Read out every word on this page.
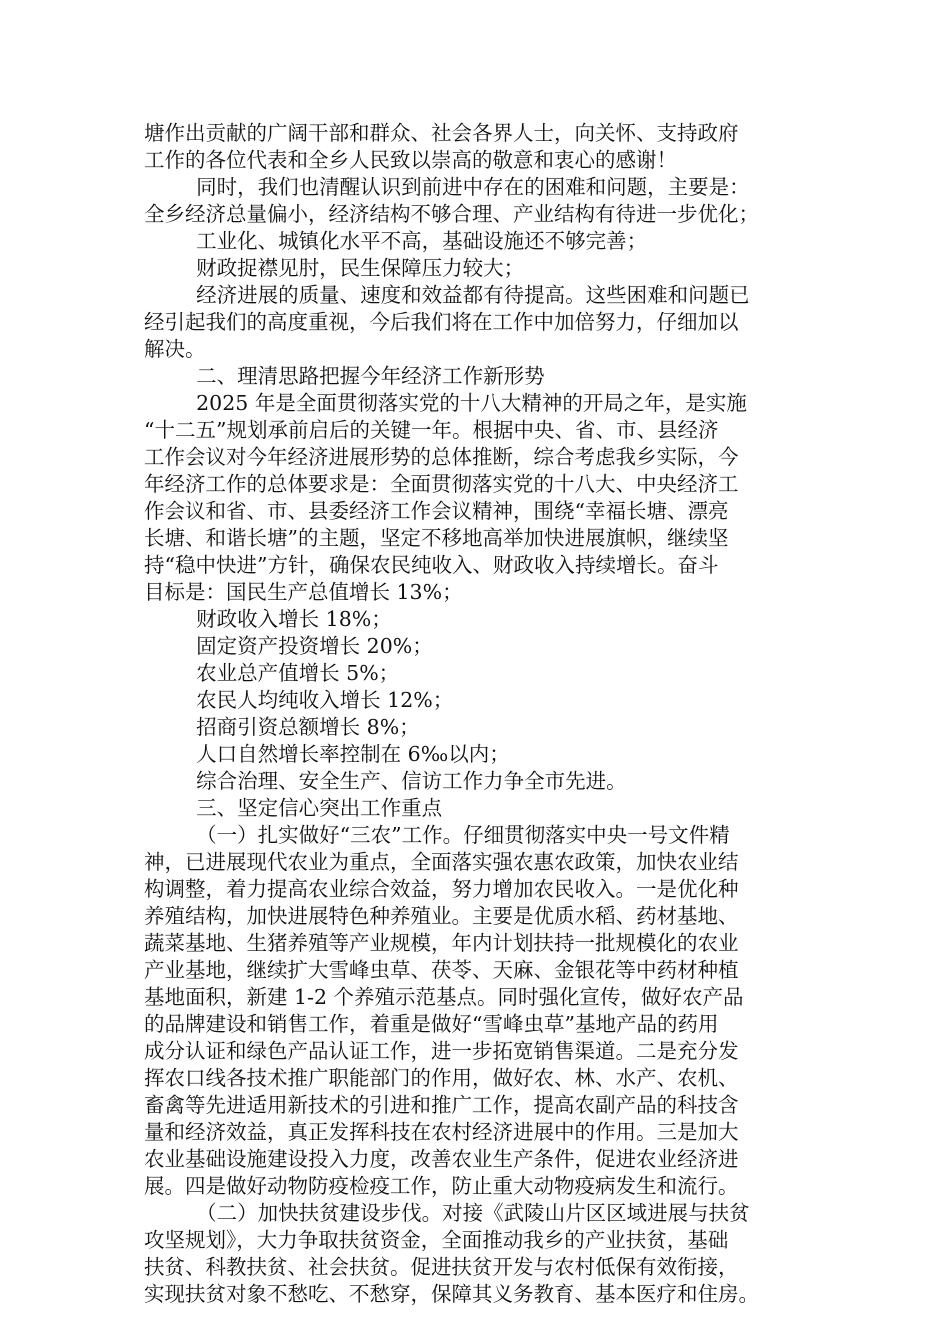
塘作出贡献的广阔干部和群众、社会各界人士，向关怀、支持政府
工作的各位代表和全乡人民致以崇高的敬意和衷心的感谢！
同时，我们也清醒认识到前进中存在的困难和问题，主要是：
全乡经济总量偏小，经济结构不够合理、产业结构有待进一步优化；
工业化、城镇化水平不高，基础设施还不够完善；
财政捉襟见肘，民生保障压力较大；
经济进展的质量、速度和效益都有待提高。这些困难和问题已
经引起我们的高度重视，今后我们将在工作中加倍努力，仔细加以
解决。
二、理清思路把握今年经济工作新形势
2025 年是全面贯彻落实党的十八大精神的开局之年，是实施
“十二五”规划承前启后的关键一年。根据中央、省、市、县经济
工作会议对今年经济进展形势的总体推断，综合考虑我乡实际，今
年经济工作的总体要求是：全面贯彻落实党的十八大、中央经济工
作会议和省、市、县委经济工作会议精神，围绕“幸福长塘、漂亮
长塘、和谐长塘”的主题，坚定不移地高举加快进展旗帜，继续坚
持“稳中快进”方针，确保农民纯收入、财政收入持续增长。奋斗
目标是：国民生产总值增长 13%；
财政收入增长 18%；
固定资产投资增长 20%；
农业总产值增长 5%；
农民人均纯收入增长 12%；
招商引资总额增长 8%；
人口自然增长率控制在 6‰以内；
综合治理、安全生产、信访工作力争全市先进。
三、坚定信心突出工作重点
（一）扎实做好“三农”工作。仔细贯彻落实中央一号文件精
神，已进展现代农业为重点，全面落实强农惠农政策，加快农业结
构调整，着力提高农业综合效益，努力增加农民收入。一是优化种
养殖结构，加快进展特色种养殖业。主要是优质水稻、药材基地、
蔬菜基地、生猪养殖等产业规模，年内计划扶持一批规模化的农业
产业基地，继续扩大雪峰虫草、茯苓、天麻、金银花等中药材种植
基地面积，新建 1-2 个养殖示范基点。同时强化宣传，做好农产品
的品牌建设和销售工作，着重是做好“雪峰虫草”基地产品的药用
成分认证和绿色产品认证工作，进一步拓宽销售渠道。二是充分发
挥农口线各技术推广职能部门的作用，做好农、林、水产、农机、
畜禽等先进适用新技术的引进和推广工作，提高农副产品的科技含
量和经济效益，真正发挥科技在农村经济进展中的作用。三是加大
农业基础设施建设投入力度，改善农业生产条件，促进农业经济进
展。四是做好动物防疫检疫工作，防止重大动物疫病发生和流行。
（二）加快扶贫建设步伐。对接《武陵山片区区域进展与扶贫
攻坚规划》，大力争取扶贫资金，全面推动我乡的产业扶贫，基础
扶贫、科教扶贫、社会扶贫。促进扶贫开发与农村低保有效衔接，
实现扶贫对象不愁吃、不愁穿，保障其义务教育、基本医疗和住房。
